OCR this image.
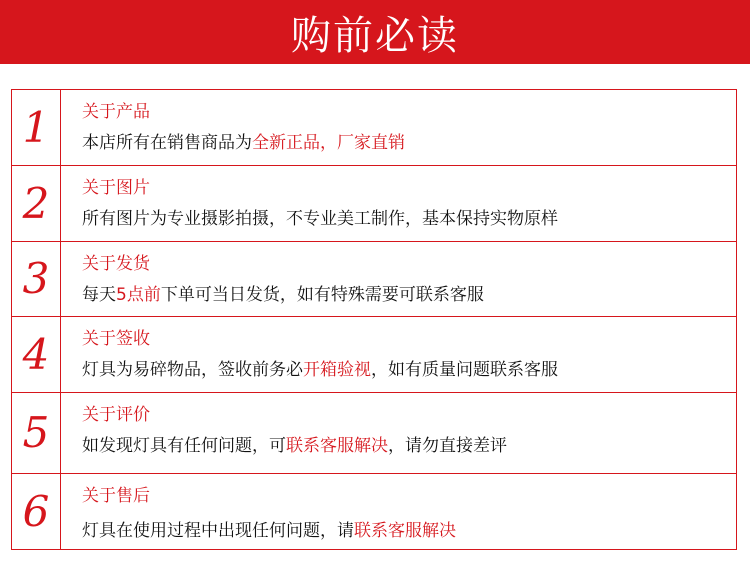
购前必读
1 关于产品
本店所有在销售商品为全新正品，厂家直销
2 关于图片
所有图片为专业摄影拍摄，不专业美工制作，基本保持实物原样
3 关于发货
每天5点前下单可当日发货，如有特殊需要可联系客服
4 关于签收
灯具为易碎物品，签收前务必开箱验视，如有质量问题联系客服
5 关于评价
如发现灯具有任何问题，可联系客服解决，请勿直接差评
6 关于售后
灯具在使用过程中出现任何问题，请联系客服解决
